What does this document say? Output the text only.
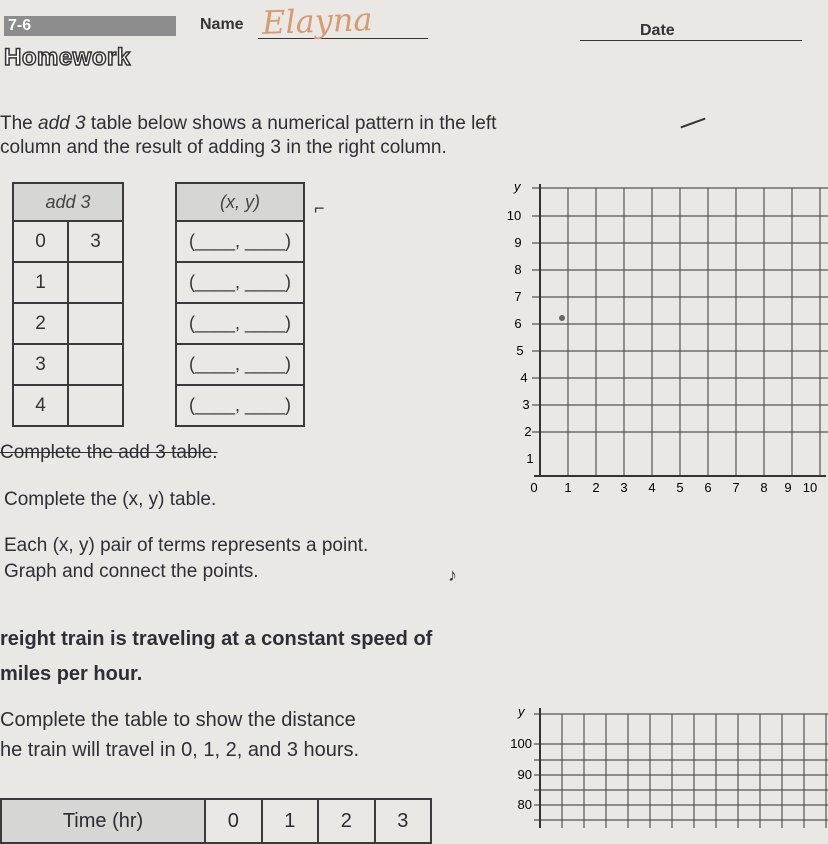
7-6
Homework
Name Elayna	Date
The add 3 table below shows a numerical pattern in the left
column and the result of adding 3 in the right column.
add 3	
0	3
1	
2	
3	
4	
(x, y)
(____, ____)
(____, ____)
(____, ____)
(____, ____)
(____, ____)
⌐
y
10
9
8
7
6
5
4
3
2
1
0 1 2 3 4 5 6 7 8 9 10
Complete the add 3 table.
Complete the (x, y) table.
Each (x, y) pair of terms represents a point.
Graph and connect the points.	♪
reight train is traveling at a constant speed of
miles per hour.
Complete the table to show the distance
he train will travel in 0, 1, 2, and 3 hours.
y
100
90
80
Time (hr)	0	1	2	3
